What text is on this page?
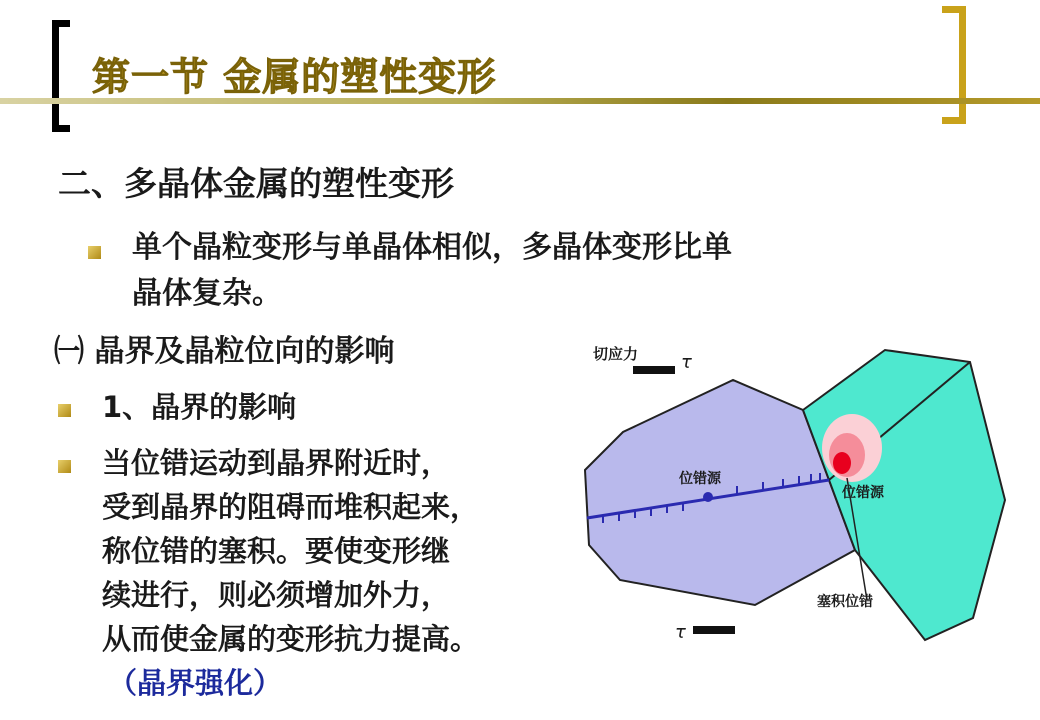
第一节 金属的塑性变形
二、多晶体金属的塑性变形
单个晶粒变形与单晶体相似，多晶体变形比单
晶体复杂。
㈠ 晶界及晶粒位向的影响
1、晶界的影响
当位错运动到晶界附近时，
受到晶界的阻碍而堆积起来，
称位错的塞积。要使变形继
续进行，则必须增加外力，
从而使金属的变形抗力提高。
（晶界强化）
切应力 τ
位错源
位错源
塞积位错
τ
